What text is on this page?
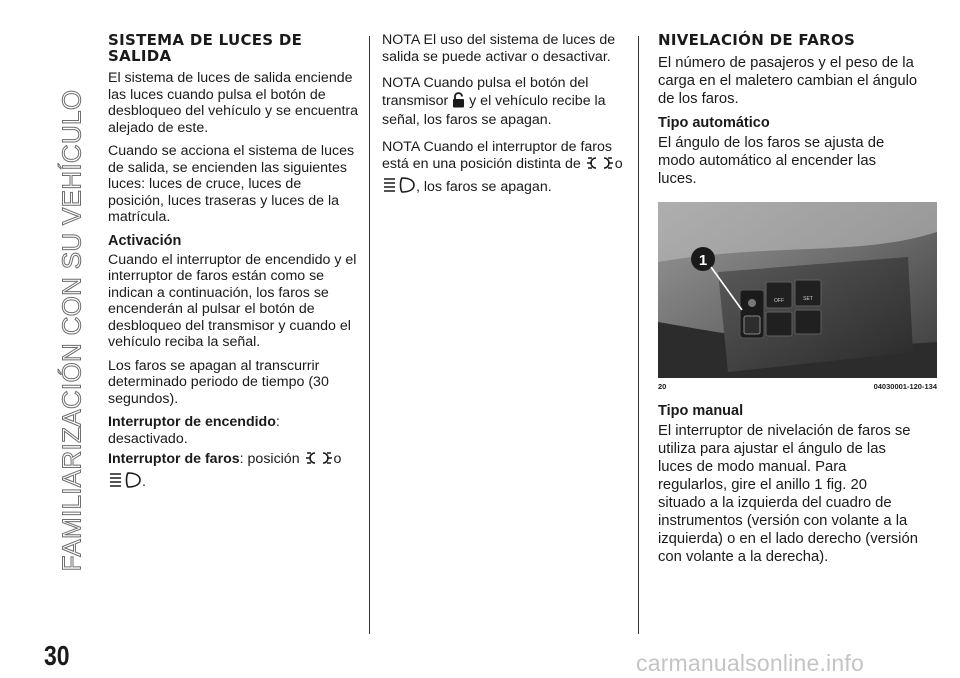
FAMILIARIZACIÓN CON SU VEHÍCULO
SISTEMA DE LUCES DE SALIDA

El sistema de luces de salida enciende las luces cuando pulsa el botón de desbloqueo del vehículo y se encuentra alejado de este.

Cuando se acciona el sistema de luces de salida, se encienden las siguientes luces: luces de cruce, luces de posición, luces traseras y luces de la matrícula.

Activación

Cuando el interruptor de encendido y el interruptor de faros están como se indican a continuación, los faros se encenderán al pulsar el botón de desbloqueo del transmisor y cuando el vehículo reciba la señal.

Los faros se apagan al transcurrir determinado periodo de tiempo (30 segundos).

Interruptor de encendido:
desactivado.

Interruptor de faros: posición o
.

NOTA El uso del sistema de luces de salida se puede activar o desactivar.

NOTA Cuando pulsa el botón del transmisor y el vehículo recibe la señal, los faros se apagan.

NOTA Cuando el interruptor de faros está en una posición distinta de o
, los faros se apagan.

NIVELACIÓN DE FAROS

El número de pasajeros y el peso de la carga en el maletero cambian el ángulo de los faros.

Tipo automático

El ángulo de los faros se ajusta de modo automático al encender las luces.

OFF	SET
1
20	04030001-120-134
Tipo manual

El interruptor de nivelación de faros se utiliza para ajustar el ángulo de las luces de modo manual. Para regularlos, gire el anillo 1 fig. 20 situado a la izquierda del cuadro de instrumentos (versión con volante a la izquierda) o en el lado derecho (versión con volante a la derecha).

30	carmanualsonline.info
